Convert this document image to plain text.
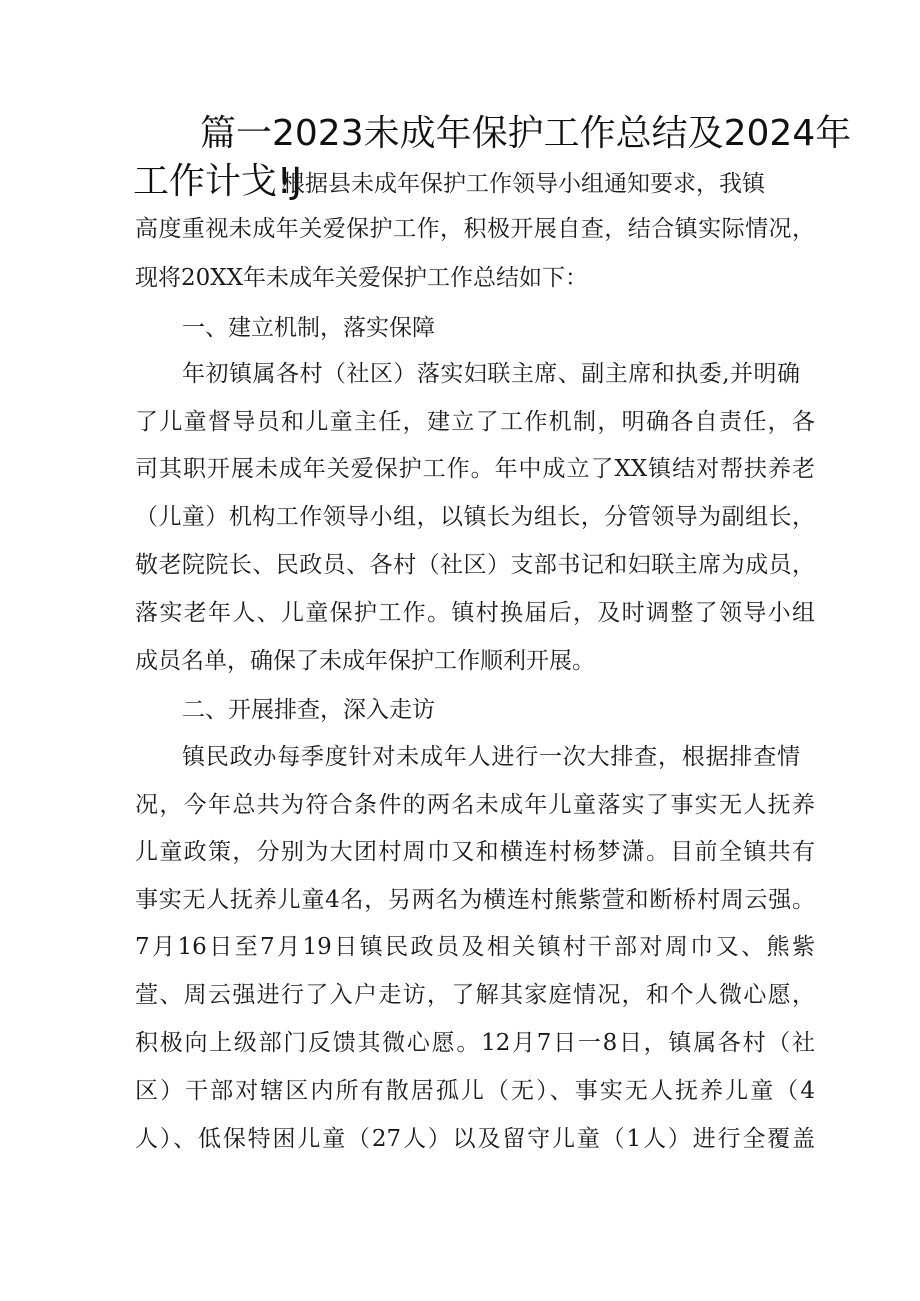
篇一2023未成年保护工作总结及2024年
工作计戈!J
根据县未成年保护工作领导小组通知要求，我镇
高度重视未成年关爱保护工作，积极开展自查，结合镇实际情况，
现将20XX年未成年关爱保护工作总结如下：
一、建立机制，落实保障
年初镇属各村（社区）落实妇联主席、副主席和执委,并明确
了儿童督导员和儿童主任，建立了工作机制，明确各自责任，各
司其职开展未成年关爱保护工作。年中成立了XX镇结对帮扶养老
（儿童）机构工作领导小组，以镇长为组长，分管领导为副组长，
敬老院院长、民政员、各村（社区）支部书记和妇联主席为成员，
落实老年人、儿童保护工作。镇村换届后，及时调整了领导小组
成员名单，确保了未成年保护工作顺利开展。
二、开展排查，深入走访
镇民政办每季度针对未成年人进行一次大排查，根据排查情
况，今年总共为符合条件的两名未成年儿童落实了事实无人抚养
儿童政策，分别为大团村周巾又和横连村杨梦潇。目前全镇共有
事实无人抚养儿童4名，另两名为横连村熊紫萱和断桥村周云强。
7月16日至7月19日镇民政员及相关镇村干部对周巾又、熊紫
萱、周云强进行了入户走访，了解其家庭情况，和个人微心愿，
积极向上级部门反馈其微心愿。12月7日一8日，镇属各村（社
区）干部对辖区内所有散居孤儿（无）、事实无人抚养儿童（4
人）、低保特困儿童（27人）以及留守儿童（1人）进行全覆盖
